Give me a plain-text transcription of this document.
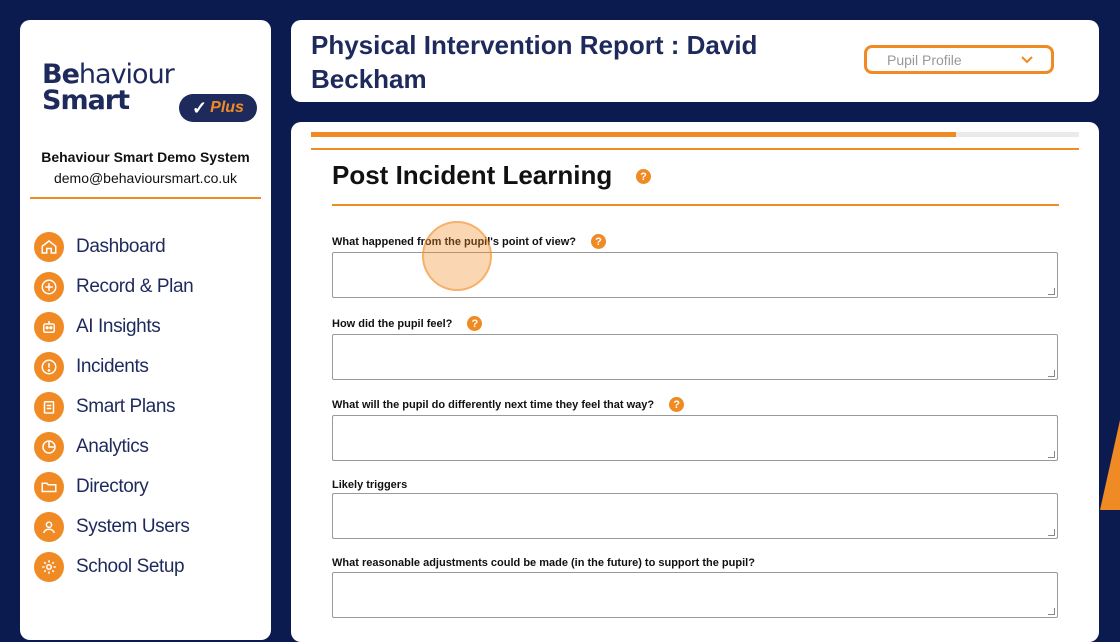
Behaviour
Smart	✓ Plus
Behaviour Smart Demo System
demo@behavioursmart.co.uk
Dashboard
Record & Plan
AI Insights
Incidents
Smart Plans
Analytics
Directory
System Users
School Setup
Physical Intervention Report : David Beckham
Pupil Profile
Post Incident Learning	?
What happened from the pupil's point of view?	?
How did the pupil feel?	?
What will the pupil do differently next time they feel that way?	?
Likely triggers
What reasonable adjustments could be made (in the future) to support the pupil?
